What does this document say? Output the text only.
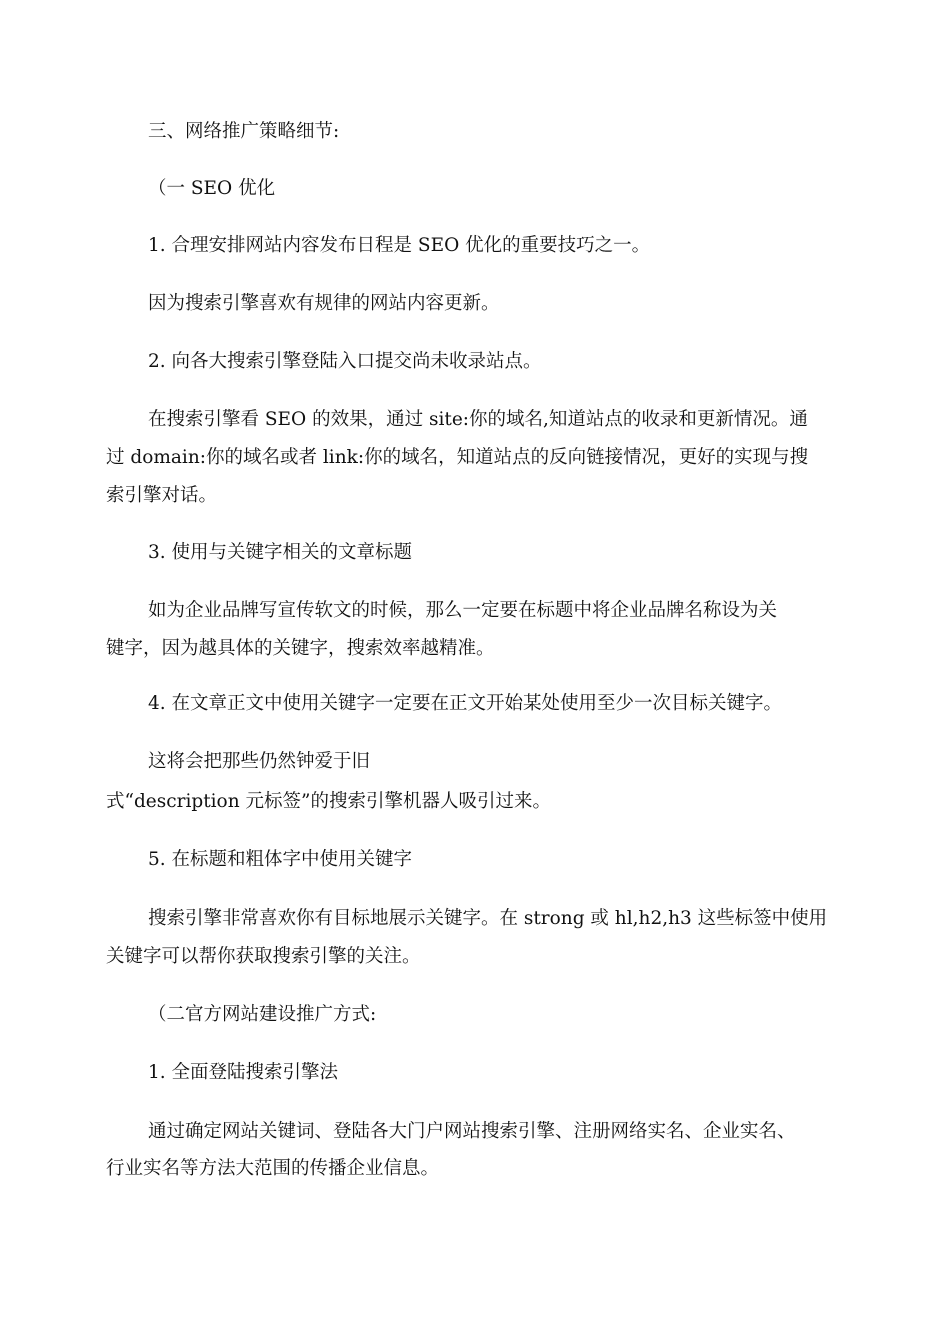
三、网络推广策略细节:
（一 SEO 优化
1. 合理安排网站内容发布日程是 SEO 优化的重要技巧之一。
因为搜索引擎喜欢有规律的网站内容更新。
2. 向各大搜索引擎登陆入口提交尚未收录站点。
在搜索引擎看 SEO 的效果，通过 site:你的域名,知道站点的收录和更新情况。通
过 domain:你的域名或者 link:你的域名，知道站点的反向链接情况，更好的实现与搜
索引擎对话。
3. 使用与关键字相关的文章标题
如为企业品牌写宣传软文的时候，那么一定要在标题中将企业品牌名称设为关
键字，因为越具体的关键字，搜索效率越精准。
4. 在文章正文中使用关键字一定要在正文开始某处使用至少一次目标关键字。
这将会把那些仍然钟爱于旧
式“description 元标签”的搜索引擎机器人吸引过来。
5. 在标题和粗体字中使用关键字
搜索引擎非常喜欢你有目标地展示关键字。在 strong 或 hl,h2,h3 这些标签中使用
关键字可以帮你获取搜索引擎的关注。
（二官方网站建设推广方式:
1. 全面登陆搜索引擎法
通过确定网站关键词、登陆各大门户网站搜索引擎、注册网络实名、企业实名、
行业实名等方法大范围的传播企业信息。
